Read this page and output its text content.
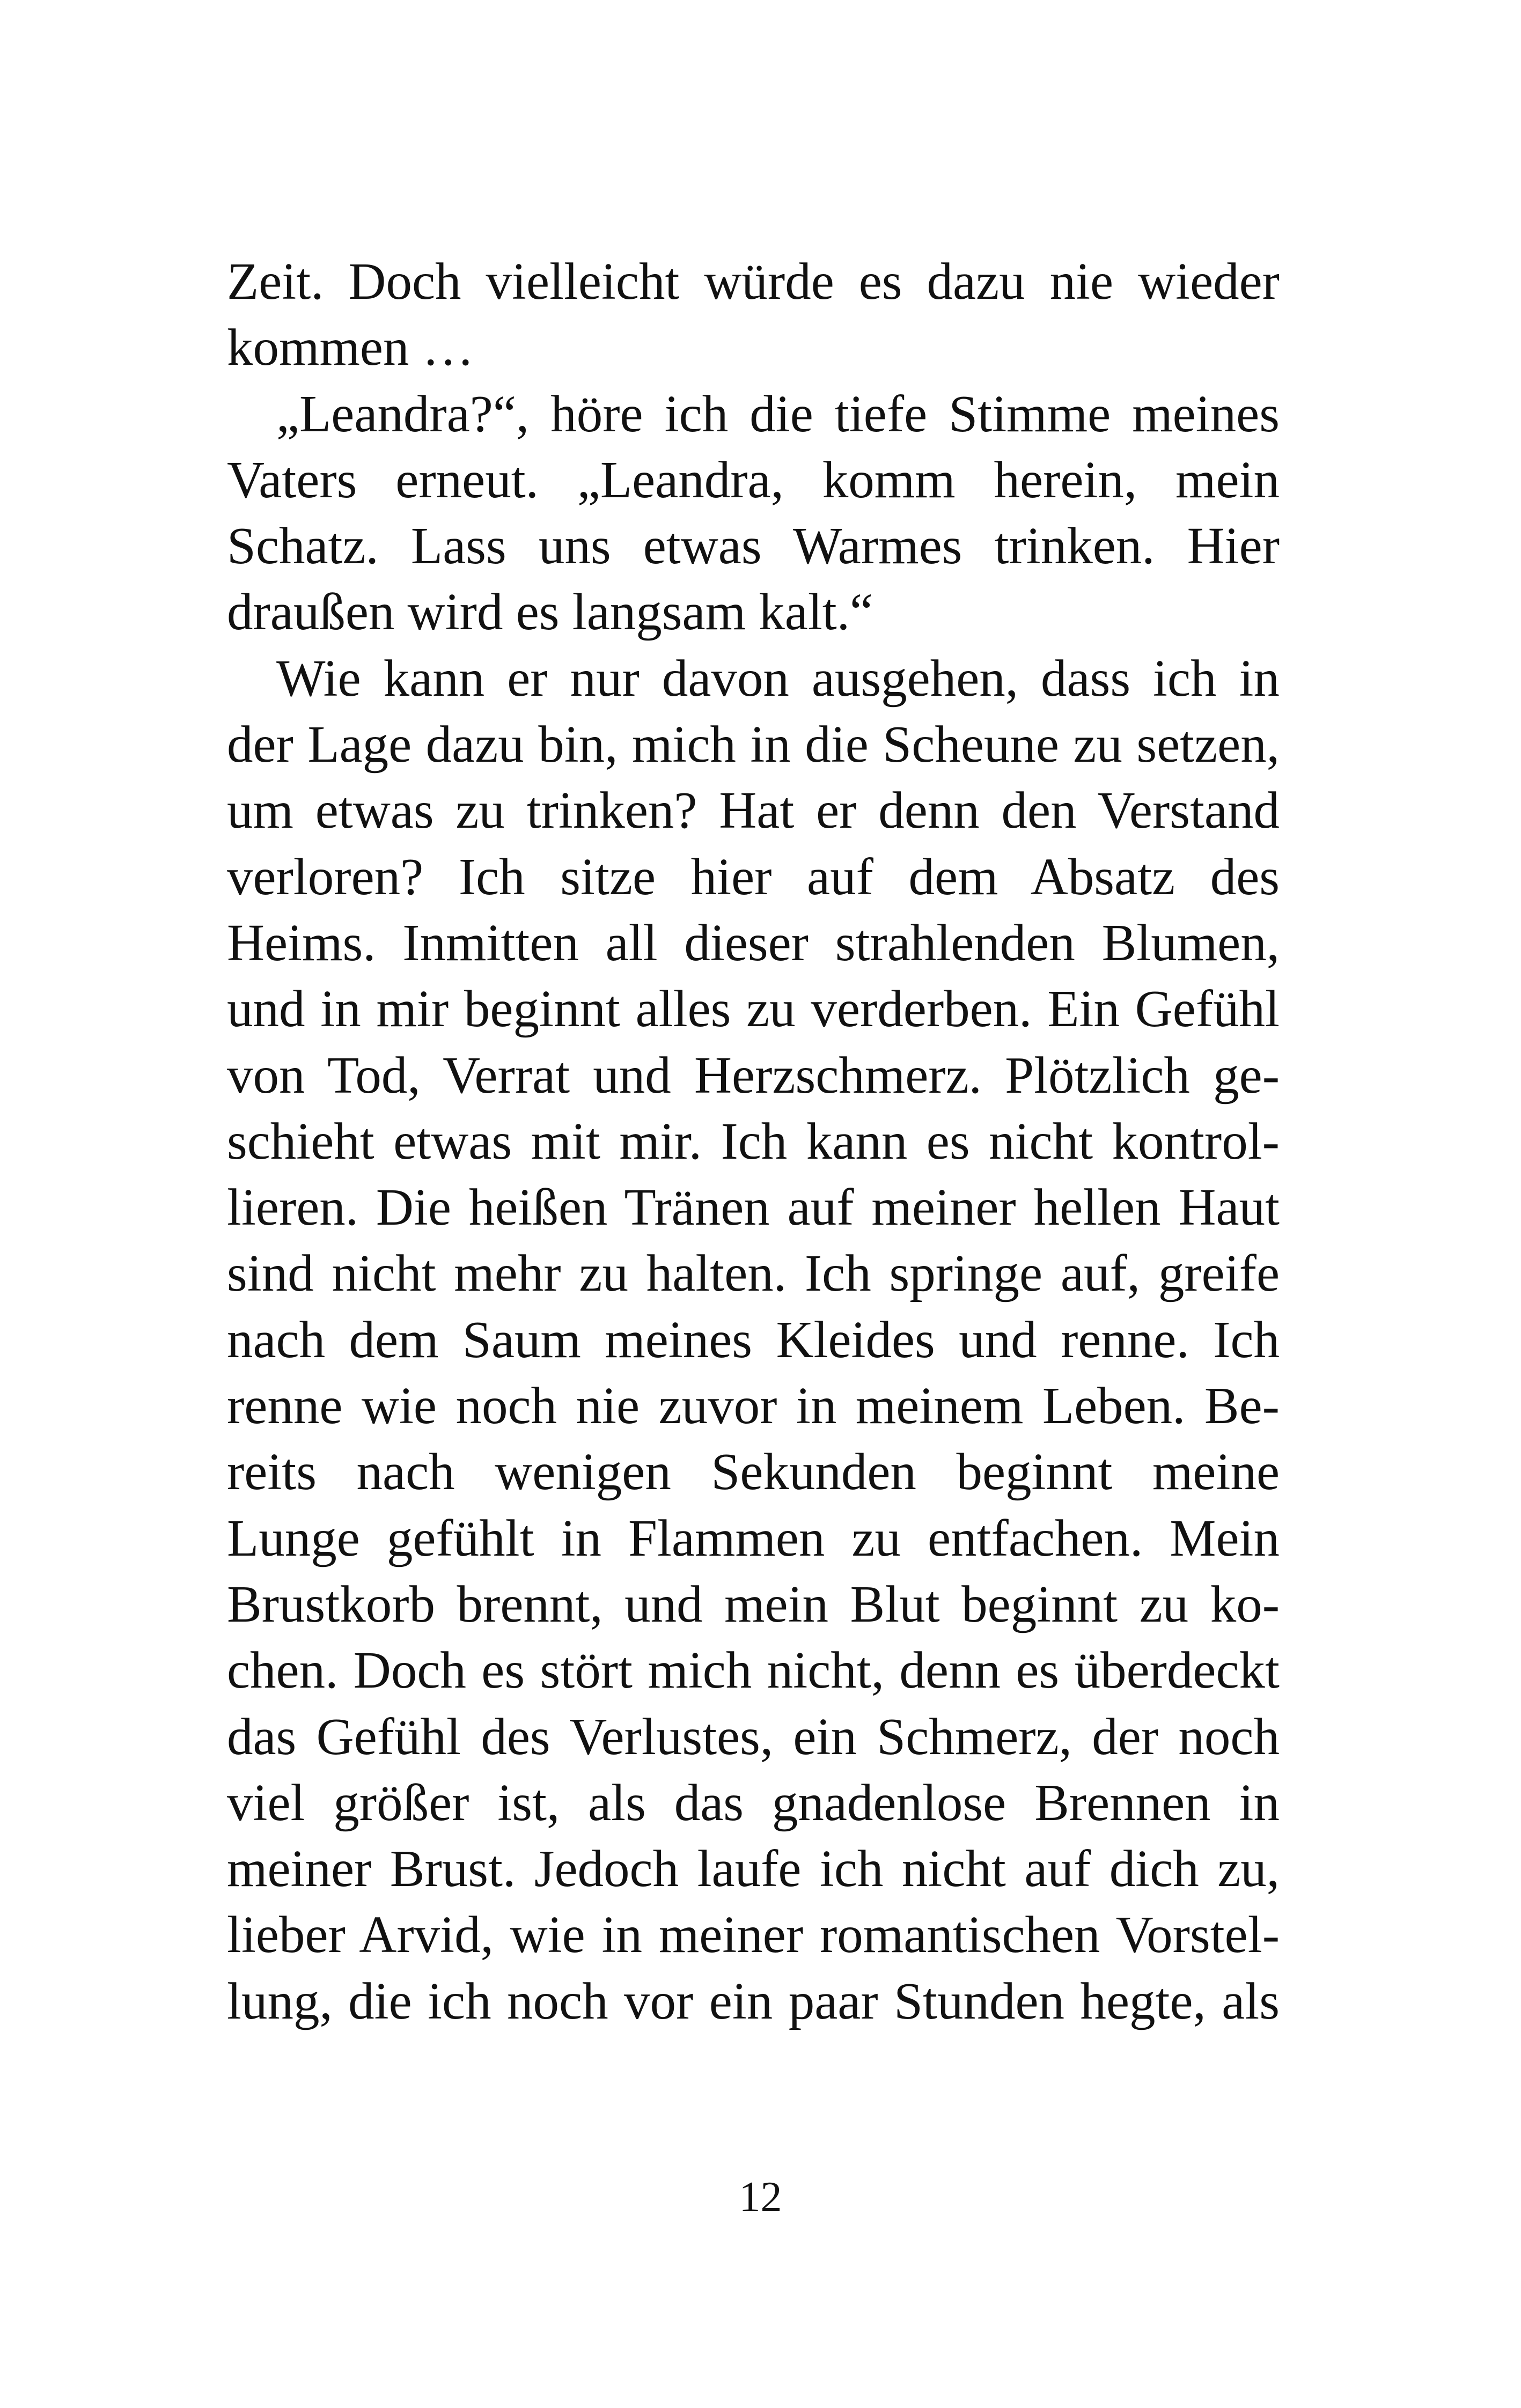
Zeit. Doch vielleicht würde es dazu nie wieder
kommen …
„Leandra?“, höre ich die tiefe Stimme meines
Vaters erneut. „Leandra, komm herein, mein
Schatz. Lass uns etwas Warmes trinken. Hier
draußen wird es langsam kalt.“
Wie kann er nur davon ausgehen, dass ich in
der Lage dazu bin, mich in die Scheune zu setzen,
um etwas zu trinken? Hat er denn den Verstand
verloren? Ich sitze hier auf dem Absatz des
Heims. Inmitten all dieser strahlenden Blumen,
und in mir beginnt alles zu verderben. Ein Gefühl
von Tod, Verrat und Herzschmerz. Plötzlich ge-
schieht etwas mit mir. Ich kann es nicht kontrol-
lieren. Die heißen Tränen auf meiner hellen Haut
sind nicht mehr zu halten. Ich springe auf, greife
nach dem Saum meines Kleides und renne. Ich
renne wie noch nie zuvor in meinem Leben. Be-
reits nach wenigen Sekunden beginnt meine
Lunge gefühlt in Flammen zu entfachen. Mein
Brustkorb brennt, und mein Blut beginnt zu ko-
chen. Doch es stört mich nicht, denn es überdeckt
das Gefühl des Verlustes, ein Schmerz, der noch
viel größer ist, als das gnadenlose Brennen in
meiner Brust. Jedoch laufe ich nicht auf dich zu,
lieber Arvid, wie in meiner romantischen Vorstel-
lung, die ich noch vor ein paar Stunden hegte, als
12
